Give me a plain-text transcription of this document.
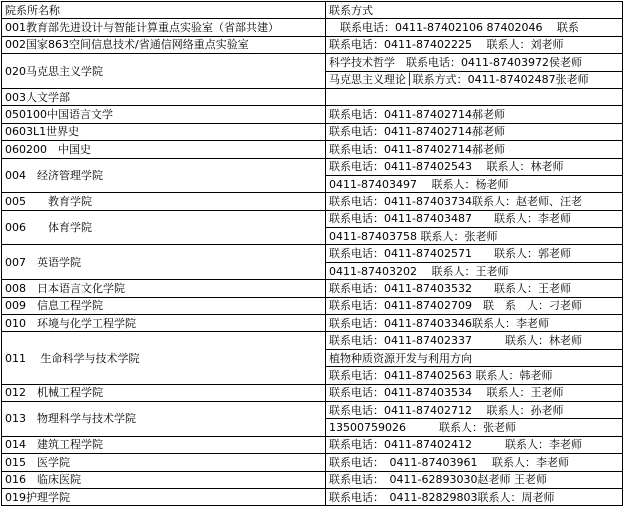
院系所名称	联系方式
001教育部先进设计与智能计算重点实验室（省部共建）	　联系电话：0411-87402106 87402046　 联系
002国家863空间信息技术/省通信网络重点实验室	联系电话：0411-87402225　 联系人：刘老师
020马克思主义学院	科学技术哲学　联系电话：0411-87403972侯老师
	马克思主义理论│联系方式：0411-87402487张老师
003人文学部	
050100中国语言文学	联系电话：0411-87402714郝老师
0603L1世界史	联系电话：0411-87402714郝老师
060200　中国史	联系电话：0411-87402714郝老师
004　经济管理学院	联系电话：0411-87402543　 联系人：林老师
	0411-87403497　 联系人：杨老师
005　　教育学院	联系电话：0411-87403734联系人：赵老师、汪老
006　　体育学院	联系电话：0411-87403487　　联系人：李老师
	0411-87403758 联系人：张老师
007　英语学院	联系电话：0411-87402571　　联系人：郭老师
	0411-87403202　 联系人：王老师
008　日本语言文化学院	联系电话：0411-87403532　　联系人：王老师
009　信息工程学院	联系电话：0411-87402709　联　系　人：刁老师
010　环境与化学工程学院	联系电话：0411-87403346联系人：李老师
011　 生命科学与技术学院	联系电话：0411-87402337　　　联系人：林老师
	植物种质资源开发与利用方向
	联系电话：0411-87402563 联系人：韩老师
012　机械工程学院	联系电话：0411-87403534　 联系人：王老师
013　物理科学与技术学院	联系电话：0411-87402712　 联系人：孙老师
	13500759026　　　联系人：张老师
014　建筑工程学院	联系电话：0411-87402412　　　联系人：李老师
015　医学院	联系电话：　0411-87403961　 联系人：李老师
016　临床医院	联系电话：　0411-62893030赵老师 王老师
019护理学院	联系电话：　0411-82829803联系人：周老师
